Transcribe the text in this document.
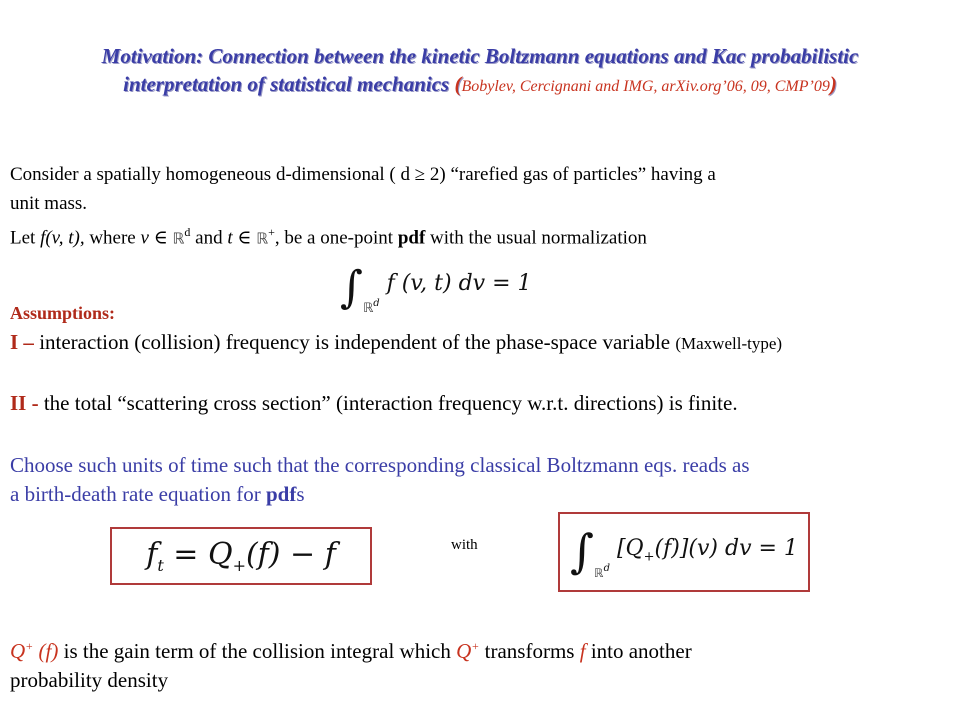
Motivation: Connection between the kinetic Boltzmann equations and Kac probabilistic
interpretation of statistical mechanics (Bobylev, Cercignani and IMG, arXiv.org’06, 09, CMP’09)
Consider a spatially homogeneous d-dimensional ( d ≥ 2) “rarefied gas of particles” having a
unit mass.
Let f(v, t), where v ∈ ℝ$^d$ and t ∈ ℝ+, be a one-point pdf with the usual normalization
$\int_ℝ^d$ f (v, t) dv = 1
Assumptions:
I – interaction (collision) frequency is independent of the phase-space variable (Maxwell-type)
II - the total “scattering cross section” (interaction frequency w.r.t. directions) is finite.
Choose such units of time such that the corresponding classical Boltzmann eqs. reads as
a birth-death rate equation for pdfs
$f_t = Q_+(f) - f$	with $\int_ℝ^d$ $[Q_+(f)](v)$ dv = 1
Q+ (f) is the gain term of the collision integral which Q+ transforms f into another
probability density
